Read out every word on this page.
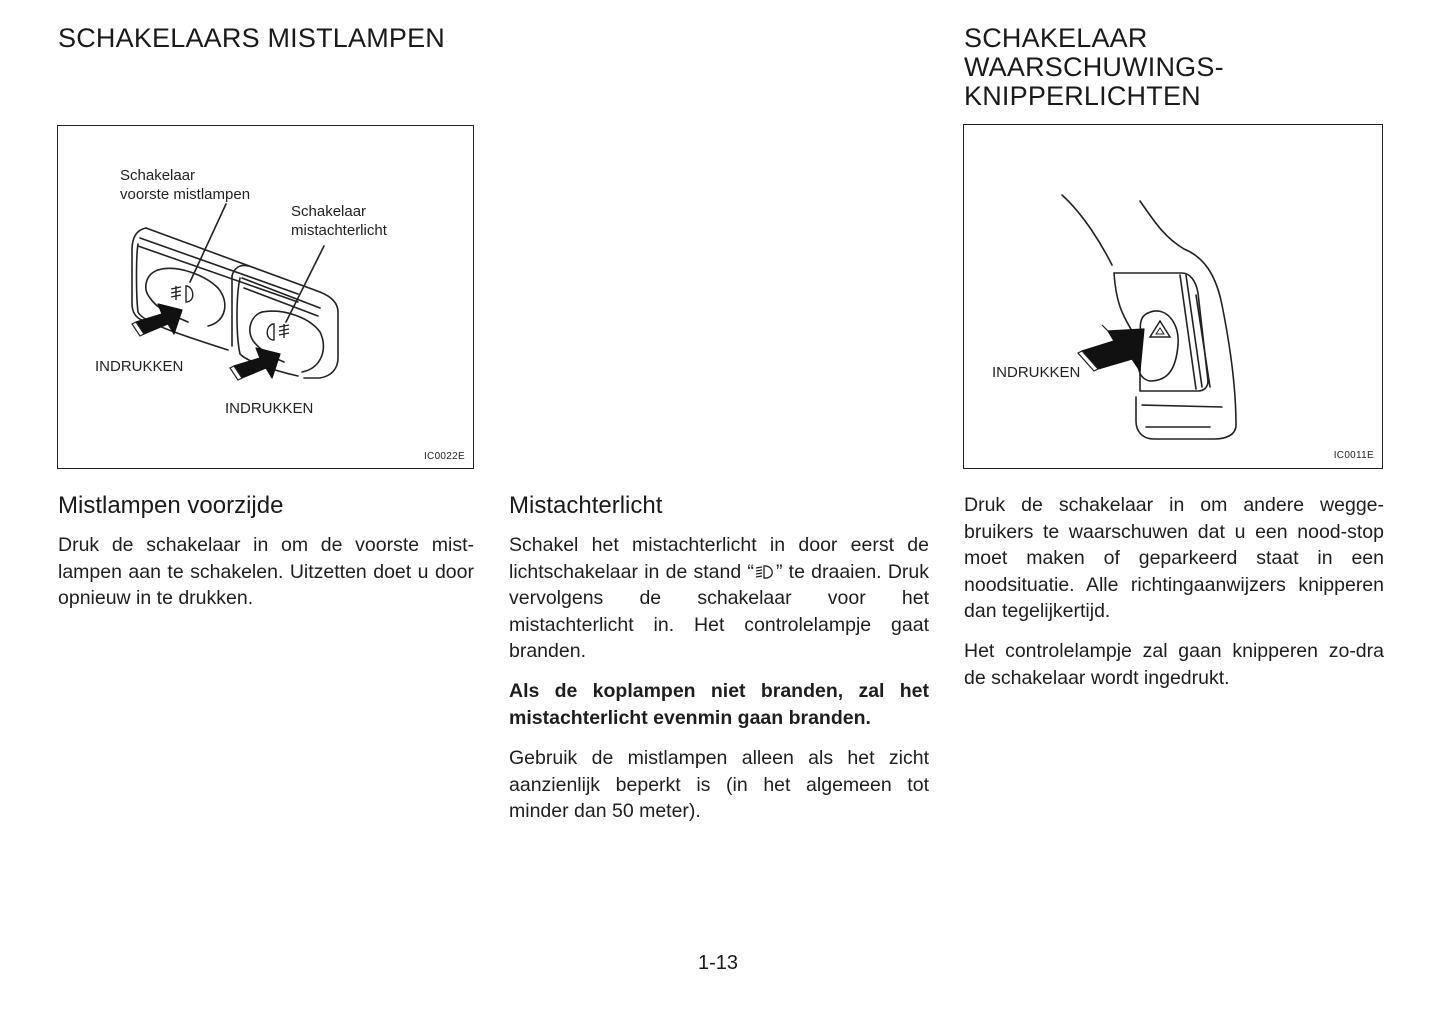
SCHAKELAARS MISTLAMPEN
Schakelaar
voorste mistlampen
Schakelaar
mistachterlicht
INDRUKKEN
INDRUKKEN
IC0022E
Mistlampen voorzijde

Druk de schakelaar in om de voorste mist-lampen aan te schakelen. Uitzetten doet u door opnieuw in te drukken.

Mistachterlicht

Schakel het mistachterlicht in door eerst de lichtschakelaar in de stand “ ” te draaien. Druk vervolgens de schakelaar voor het mistachterlicht in. Het controlelampje gaat branden.

Als de koplampen niet branden, zal het mistachterlicht evenmin gaan branden.

Gebruik de mistlampen alleen als het zicht aanzienlijk beperkt is (in het algemeen tot minder dan 50 meter).

SCHAKELAAR
WAARSCHUWINGS-
KNIPPERLICHTEN
INDRUKKEN
IC0011E

Druk de schakelaar in om andere wegge-bruikers te waarschuwen dat u een nood-stop moet maken of geparkeerd staat in een noodsituatie. Alle richtingaanwijzers knipperen dan tegelijkertijd.

Het controlelampje zal gaan knipperen zo-dra de schakelaar wordt ingedrukt.

1-13
